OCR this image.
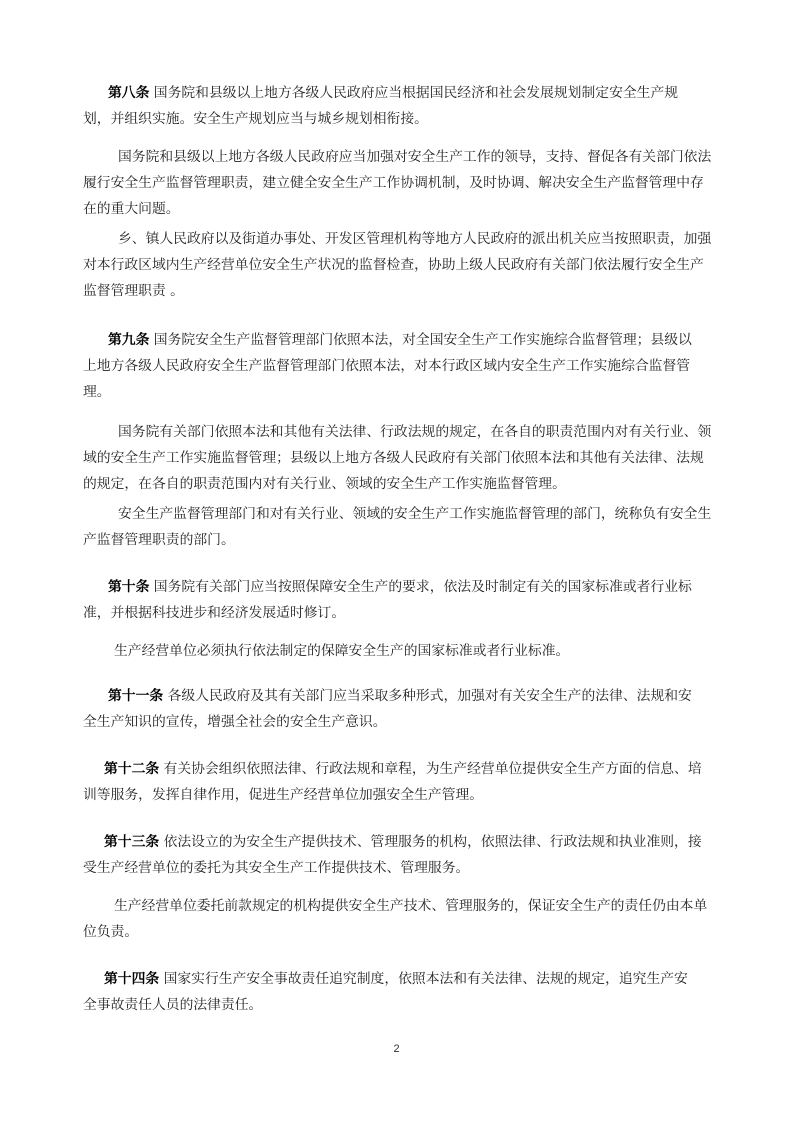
第八条 国务院和县级以上地方各级人民政府应当根据国民经济和社会发展规划制定安全生产规
划，并组织实施。安全生产规划应当与城乡规划相衔接。

国务院和县级以上地方各级人民政府应当加强对安全生产工作的领导，支持、督促各有关部门依法
履行安全生产监督管理职责，建立健全安全生产工作协调机制，及时协调、解决安全生产监督管理中存
在的重大问题。

乡、镇人民政府以及街道办事处、开发区管理机构等地方人民政府的派出机关应当按照职责，加强
对本行政区域内生产经营单位安全生产状况的监督检查，协助上级人民政府有关部门依法履行安全生产
监督管理职责 。

第九条 国务院安全生产监督管理部门依照本法，对全国安全生产工作实施综合监督管理；县级以
上地方各级人民政府安全生产监督管理部门依照本法，对本行政区域内安全生产工作实施综合监督管
理。

国务院有关部门依照本法和其他有关法律、行政法规的规定，在各自的职责范围内对有关行业、领
域的安全生产工作实施监督管理；县级以上地方各级人民政府有关部门依照本法和其他有关法律、法规
的规定，在各自的职责范围内对有关行业、领域的安全生产工作实施监督管理。

安全生产监督管理部门和对有关行业、领域的安全生产工作实施监督管理的部门，统称负有安全生
产监督管理职责的部门。

第十条 国务院有关部门应当按照保障安全生产的要求，依法及时制定有关的国家标准或者行业标
准，并根据科技进步和经济发展适时修订。

生产经营单位必须执行依法制定的保障安全生产的国家标准或者行业标准。

第十一条 各级人民政府及其有关部门应当采取多种形式，加强对有关安全生产的法律、法规和安
全生产知识的宣传，增强全社会的安全生产意识。

第十二条 有关协会组织依照法律、行政法规和章程，为生产经营单位提供安全生产方面的信息、培
训等服务，发挥自律作用，促进生产经营单位加强安全生产管理。

第十三条 依法设立的为安全生产提供技术、管理服务的机构，依照法律、行政法规和执业准则，接
受生产经营单位的委托为其安全生产工作提供技术、管理服务。

生产经营单位委托前款规定的机构提供安全生产技术、管理服务的，保证安全生产的责任仍由本单
位负责。

第十四条 国家实行生产安全事故责任追究制度，依照本法和有关法律、法规的规定，追究生产安
全事故责任人员的法律责任。

2
